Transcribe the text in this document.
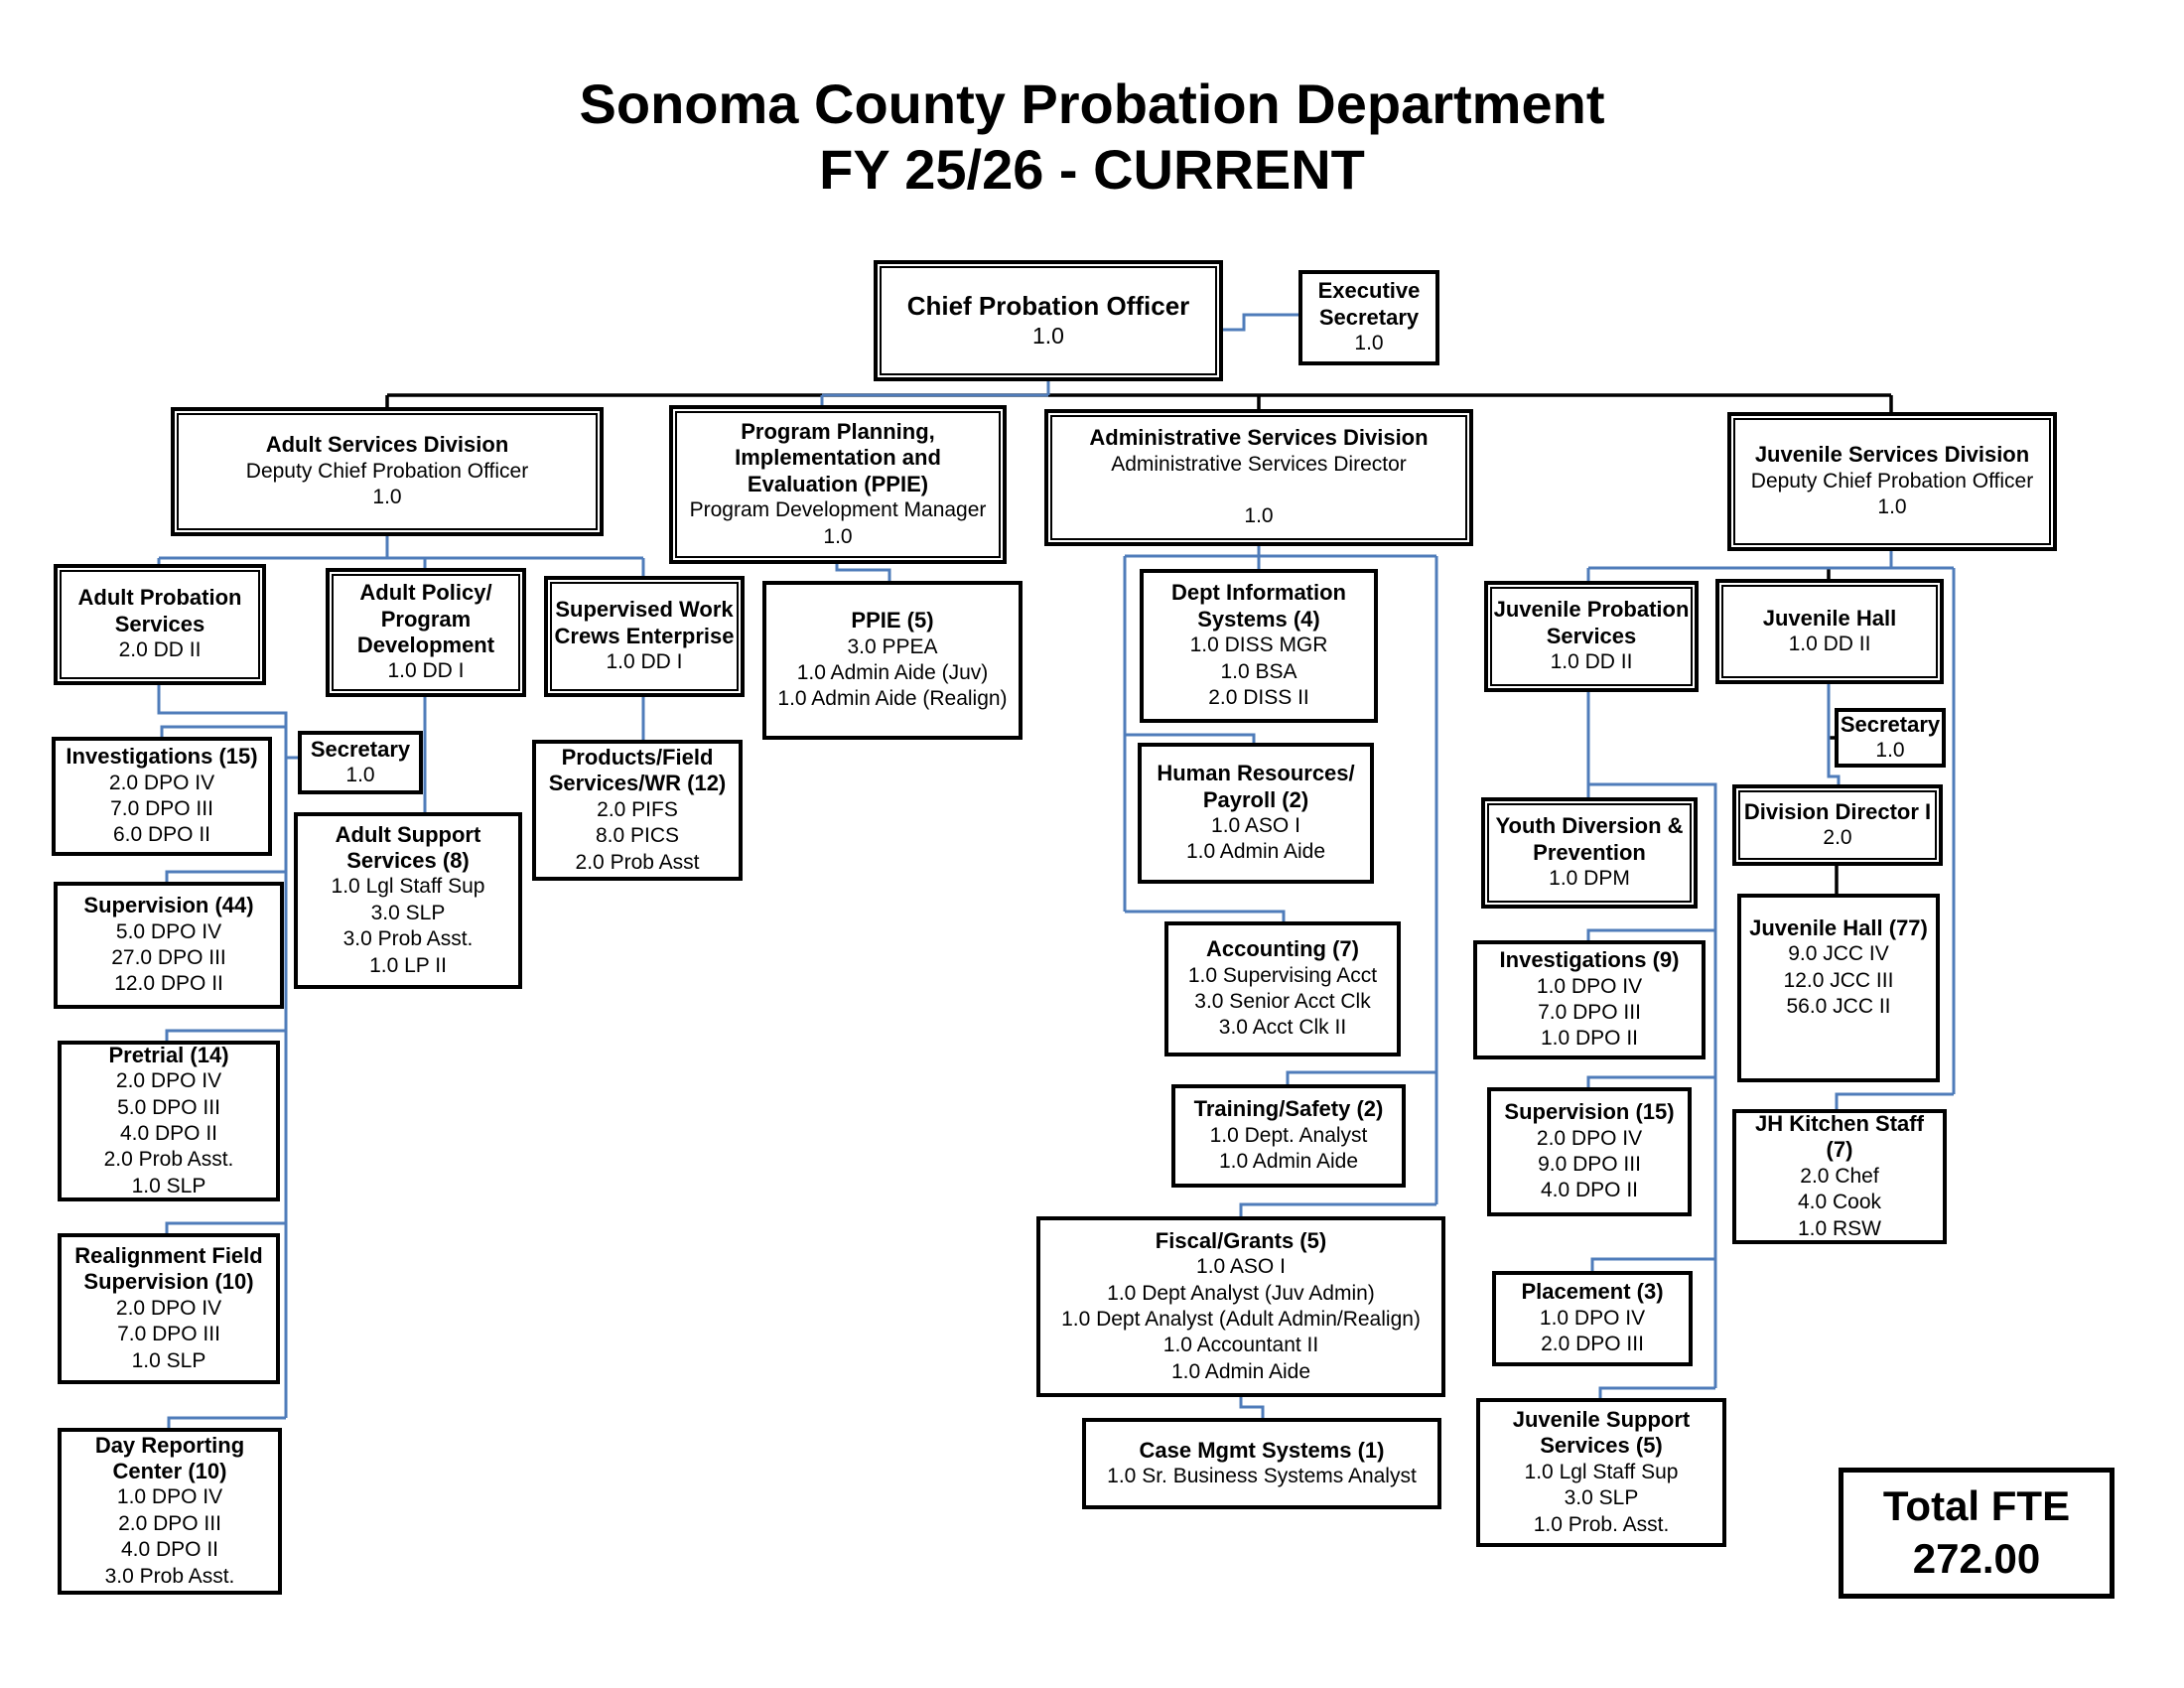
Sonoma County Probation Department
FY 25/26 - CURRENT
Chief Probation Officer
1.0
Executive Secretary
1.0
Adult Services Division
Deputy Chief Probation Officer
1.0
Program Planning, Implementation and Evaluation (PPIE)
Program Development Manager
1.0
Administrative Services Division
Administrative Services Director
1.0
Juvenile Services Division
Deputy Chief Probation Officer
1.0
Adult Probation Services
2.0 DD II
Adult Policy/ Program Development
1.0 DD I
Supervised Work Crews Enterprise
1.0 DD I
PPIE (5)
3.0 PPEA
1.0 Admin Aide (Juv)
1.0 Admin Aide (Realign)
Investigations (15)
2.0 DPO IV
7.0 DPO III
6.0 DPO II
Secretary
1.0
Adult Support Services (8)
1.0 Lgl Staff Sup
3.0 SLP
3.0 Prob Asst.
1.0 LP II
Products/Field Services/WR (12)
2.0 PIFS
8.0 PICS
2.0 Prob Asst
Supervision (44)
5.0 DPO IV
27.0 DPO III
12.0 DPO II
Pretrial (14)
2.0 DPO IV
5.0 DPO III
4.0 DPO II
2.0 Prob Asst.
1.0 SLP
Realignment Field Supervision (10)
2.0 DPO IV
7.0 DPO III
1.0 SLP
Day Reporting Center (10)
1.0 DPO IV
2.0 DPO III
4.0 DPO II
3.0 Prob Asst.
Dept Information Systems (4)
1.0 DISS MGR
1.0 BSA
2.0 DISS II
Human Resources/ Payroll (2)
1.0 ASO I
1.0 Admin Aide
Accounting (7)
1.0 Supervising Acct
3.0 Senior Acct Clk
3.0 Acct Clk II
Training/Safety (2)
1.0 Dept. Analyst
1.0 Admin Aide
Fiscal/Grants (5)
1.0 ASO I
1.0 Dept Analyst (Juv Admin)
1.0 Dept Analyst (Adult Admin/Realign)
1.0 Accountant II
1.0 Admin Aide
Case Mgmt Systems (1)
1.0 Sr. Business Systems Analyst
Juvenile Probation Services
1.0 DD II
Juvenile Hall
1.0 DD II
Secretary
1.0
Division Director I
2.0
Youth Diversion & Prevention
1.0 DPM
Investigations (9)
1.0 DPO IV
7.0 DPO III
1.0 DPO II
Supervision (15)
2.0 DPO IV
9.0 DPO III
4.0 DPO II
Placement (3)
1.0 DPO IV
2.0 DPO III
Juvenile Support Services (5)
1.0 Lgl Staff Sup
3.0 SLP
1.0 Prob. Asst.
Juvenile Hall (77)
9.0 JCC IV
12.0 JCC III
56.0 JCC II
JH Kitchen Staff (7)
2.0 Chef
4.0 Cook
1.0 RSW
Total FTE
272.00
